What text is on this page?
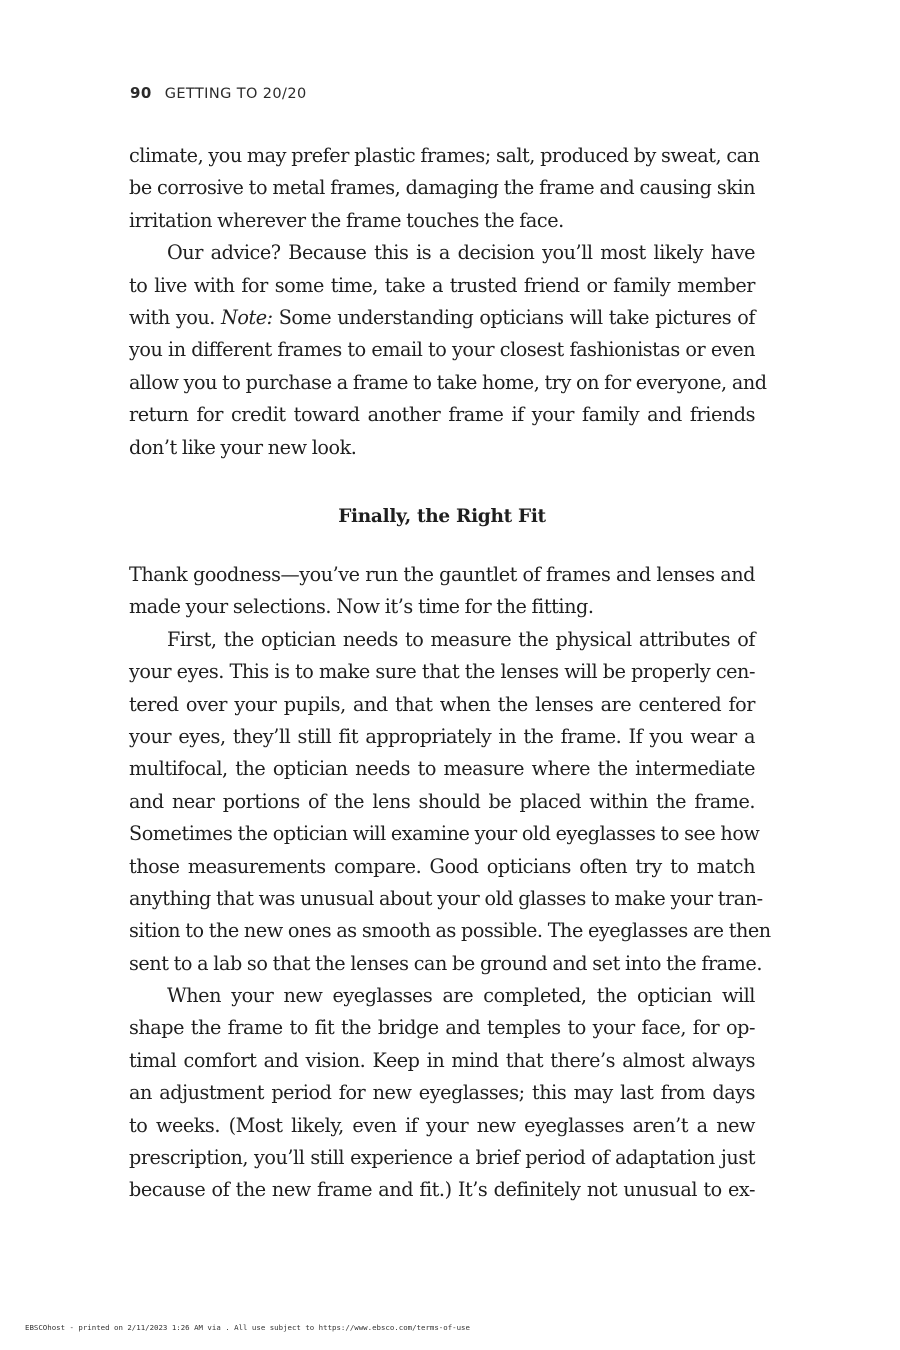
90 GETTING TO 20/20
climate, you may prefer plastic frames; salt, produced by sweat, can
be corrosive to metal frames, damaging the frame and causing skin
irritation wherever the frame touches the face.
Our advice? Because this is a decision you’ll most likely have
to live with for some time, take a trusted friend or family member
with you. Note: Some understanding opticians will take pictures of
you in different frames to email to your closest fashionistas or even
allow you to purchase a frame to take home, try on for everyone, and
return for credit toward another frame if your family and friends
don’t like your new look.
Finally, the Right Fit
Thank goodness—you’ve run the gauntlet of frames and lenses and
made your selections. Now it’s time for the fitting.
First, the optician needs to measure the physical attributes of
your eyes. This is to make sure that the lenses will be properly cen-
tered over your pupils, and that when the lenses are centered for
your eyes, they’ll still fit appropriately in the frame. If you wear a
multifocal, the optician needs to measure where the intermediate
and near portions of the lens should be placed within the frame.
Sometimes the optician will examine your old eyeglasses to see how
those measurements compare. Good opticians often try to match
anything that was unusual about your old glasses to make your tran-
sition to the new ones as smooth as possible. The eyeglasses are then
sent to a lab so that the lenses can be ground and set into the frame.
When your new eyeglasses are completed, the optician will
shape the frame to fit the bridge and temples to your face, for op-
timal comfort and vision. Keep in mind that there’s almost always
an adjustment period for new eyeglasses; this may last from days
to weeks. (Most likely, even if your new eyeglasses aren’t a new
prescription, you’ll still experience a brief period of adaptation just
because of the new frame and fit.) It’s definitely not unusual to ex-
EBSCOhost - printed on 2/11/2023 1:26 AM via . All use subject to https://www.ebsco.com/terms-of-use
